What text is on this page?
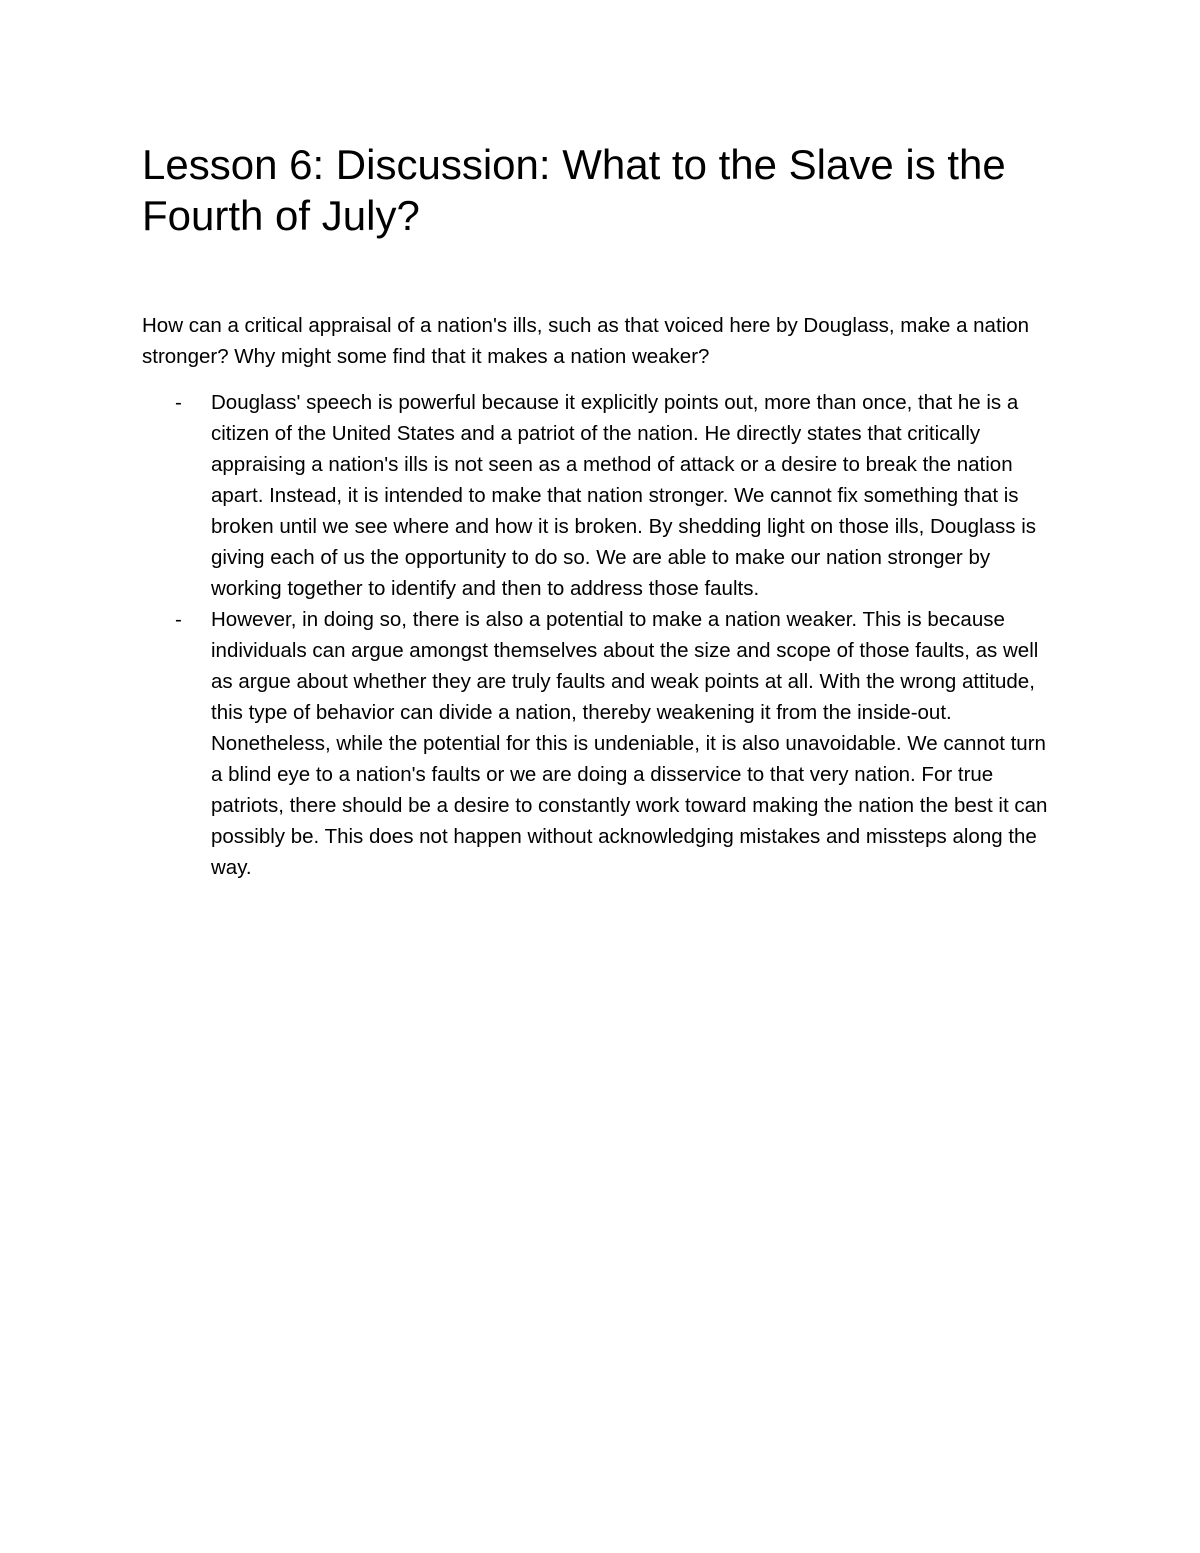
Lesson 6: Discussion: What to the Slave is the Fourth of July?

How can a critical appraisal of a nation's ills, such as that voiced here by Douglass, make a nation stronger? Why might some find that it makes a nation weaker?

- Douglass' speech is powerful because it explicitly points out, more than once, that he is a citizen of the United States and a patriot of the nation. He directly states that critically appraising a nation's ills is not seen as a method of attack or a desire to break the nation apart. Instead, it is intended to make that nation stronger. We cannot fix something that is broken until we see where and how it is broken. By shedding light on those ills, Douglass is giving each of us the opportunity to do so. We are able to make our nation stronger by working together to identify and then to address those faults.
- However, in doing so, there is also a potential to make a nation weaker. This is because individuals can argue amongst themselves about the size and scope of those faults, as well as argue about whether they are truly faults and weak points at all. With the wrong attitude, this type of behavior can divide a nation, thereby weakening it from the inside-out. Nonetheless, while the potential for this is undeniable, it is also unavoidable. We cannot turn a blind eye to a nation's faults or we are doing a disservice to that very nation. For true patriots, there should be a desire to constantly work toward making the nation the best it can possibly be. This does not happen without acknowledging mistakes and missteps along the way.
